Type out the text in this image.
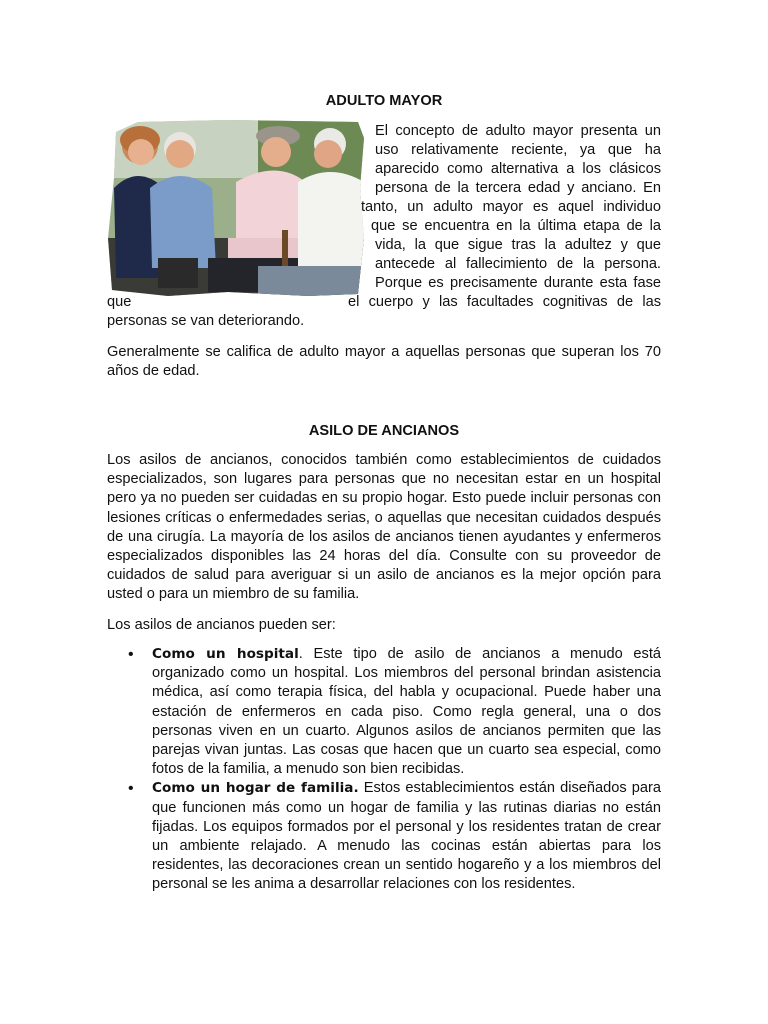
ADULTO MAYOR
El concepto de adulto mayor presenta un
uso relativamente reciente, ya que ha
aparecido como alternativa a los clásicos
persona de la tercera edad y anciano. En
tanto, un adulto mayor es aquel individuo
que se encuentra en la última etapa de la
vida, la que sigue tras la adultez y que
antecede al fallecimiento de la persona.
Porque es precisamente durante esta fase
que	el cuerpo y las facultades cognitivas de las
personas se van deteriorando.
Generalmente se califica de adulto mayor a aquellas personas que superan los 70 años de edad.
ASILO DE ANCIANOS
Los asilos de ancianos, conocidos también como establecimientos de cuidados especializados, son lugares para personas que no necesitan estar en un hospital pero ya no pueden ser cuidadas en su propio hogar. Esto puede incluir personas con lesiones críticas o enfermedades serias, o aquellas que necesitan cuidados después de una cirugía. La mayoría de los asilos de ancianos tienen ayudantes y enfermeros especializados disponibles las 24 horas del día. Consulte con su proveedor de cuidados de salud para averiguar si un asilo de ancianos es la mejor opción para usted o para un miembro de su familia.
Los asilos de ancianos pueden ser:
• Como un hospital. Este tipo de asilo de ancianos a menudo está organizado como un hospital. Los miembros del personal brindan asistencia médica, así como terapia física, del habla y ocupacional. Puede haber una estación de enfermeros en cada piso. Como regla general, una o dos personas viven en un cuarto. Algunos asilos de ancianos permiten que las parejas vivan juntas. Las cosas que hacen que un cuarto sea especial, como fotos de la familia, a menudo son bien recibidas.
• Como un hogar de familia. Estos establecimientos están diseñados para que funcionen más como un hogar de familia y las rutinas diarias no están fijadas. Los equipos formados por el personal y los residentes tratan de crear un ambiente relajado. A menudo las cocinas están abiertas para los residentes, las decoraciones crean un sentido hogareño y a los miembros del personal se les anima a desarrollar relaciones con los residentes.
